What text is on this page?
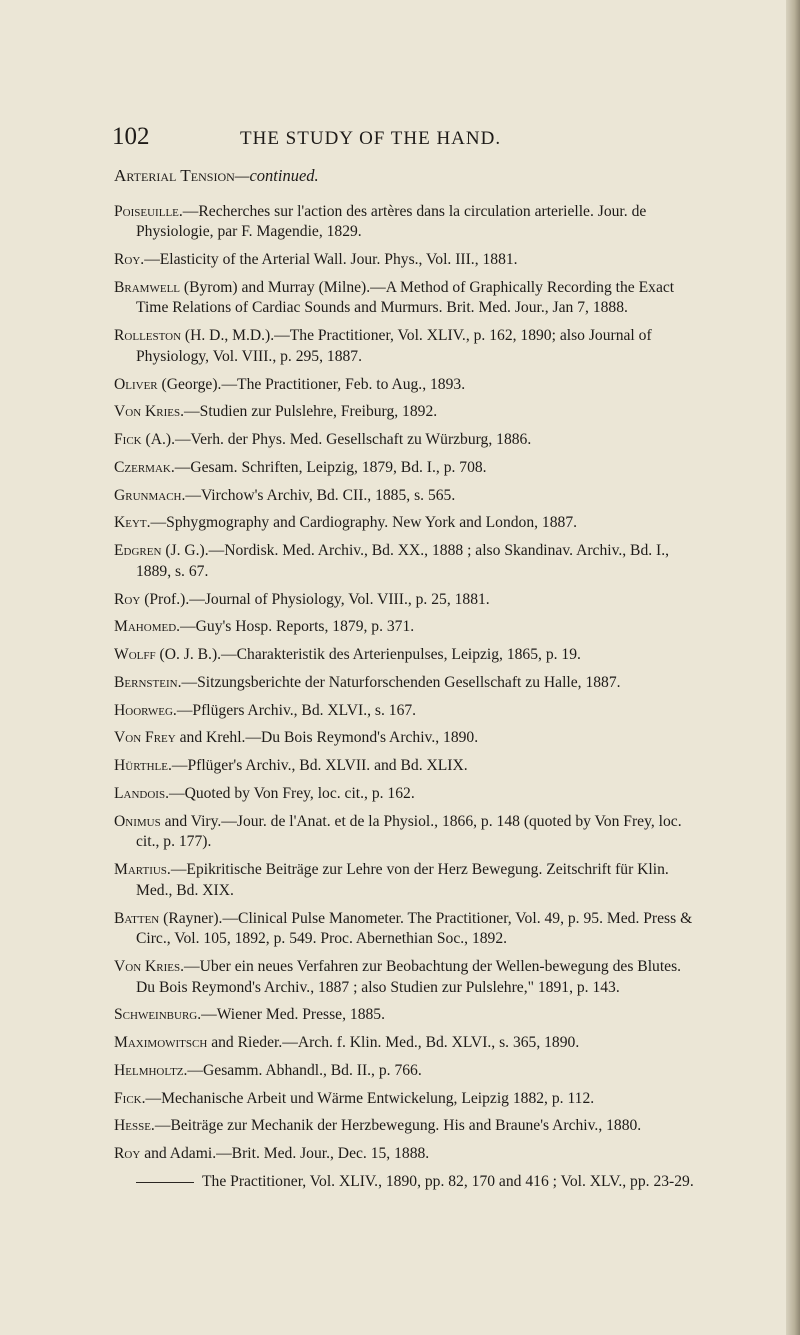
102	THE STUDY OF THE HAND.

Arterial Tension—continued.

Poiseuille.—Recherches sur l'action des artères dans la circulation arterielle. Jour. de Physiologie, par F. Magendie, 1829.

Roy.—Elasticity of the Arterial Wall. Jour. Phys., Vol. III., 1881.

Bramwell (Byrom) and Murray (Milne).—A Method of Graphically Recording the Exact Time Relations of Cardiac Sounds and Murmurs. Brit. Med. Jour., Jan 7, 1888.

Rolleston (H. D., M.D.).—The Practitioner, Vol. XLIV., p. 162, 1890; also Journal of Physiology, Vol. VIII., p. 295, 1887.

Oliver (George).—The Practitioner, Feb. to Aug., 1893.

Von Kries.—Studien zur Pulslehre, Freiburg, 1892.

Fick (A.).—Verh. der Phys. Med. Gesellschaft zu Würzburg, 1886.

Czermak.—Gesam. Schriften, Leipzig, 1879, Bd. I., p. 708.

Grunmach.—Virchow's Archiv, Bd. CII., 1885, s. 565.

Keyt.—Sphygmography and Cardiography. New York and London, 1887.

Edgren (J. G.).—Nordisk. Med. Archiv., Bd. XX., 1888 ; also Skandinav. Archiv., Bd. I., 1889, s. 67.

Roy (Prof.).—Journal of Physiology, Vol. VIII., p. 25, 1881.

Mahomed.—Guy's Hosp. Reports, 1879, p. 371.

Wolff (O. J. B.).—Charakteristik des Arterienpulses, Leipzig, 1865, p. 19.

Bernstein.—Sitzungsberichte der Naturforschenden Gesellschaft zu Halle, 1887.

Hoorweg.—Pflügers Archiv., Bd. XLVI., s. 167.

Von Frey and Krehl.—Du Bois Reymond's Archiv., 1890.

Hürthle.—Pflüger's Archiv., Bd. XLVII. and Bd. XLIX.

Landois.—Quoted by Von Frey, loc. cit., p. 162.

Onimus and Viry.—Jour. de l'Anat. et de la Physiol., 1866, p. 148 (quoted by Von Frey, loc. cit., p. 177).

Martius.—Epikritische Beiträge zur Lehre von der Herz Bewegung. Zeitschrift für Klin. Med., Bd. XIX.

Batten (Rayner).—Clinical Pulse Manometer. The Practitioner, Vol. 49, p. 95. Med. Press & Circ., Vol. 105, 1892, p. 549. Proc. Abernethian Soc., 1892.

Von Kries.—Uber ein neues Verfahren zur Beobachtung der Wellen-bewegung des Blutes. Du Bois Reymond's Archiv., 1887 ; also Studien zur Pulslehre," 1891, p. 143.

Schweinburg.—Wiener Med. Presse, 1885.

Maximowitsch and Rieder.—Arch. f. Klin. Med., Bd. XLVI., s. 365, 1890.

Helmholtz.—Gesamm. Abhandl., Bd. II., p. 766.

Fick.—Mechanische Arbeit und Wärme Entwickelung, Leipzig 1882, p. 112.

Hesse.—Beiträge zur Mechanik der Herzbewegung. His and Braune's Archiv., 1880.

Roy and Adami.—Brit. Med. Jour., Dec. 15, 1888.

The Practitioner, Vol. XLIV., 1890, pp. 82, 170 and 416 ; Vol. XLV., pp. 23-29.
